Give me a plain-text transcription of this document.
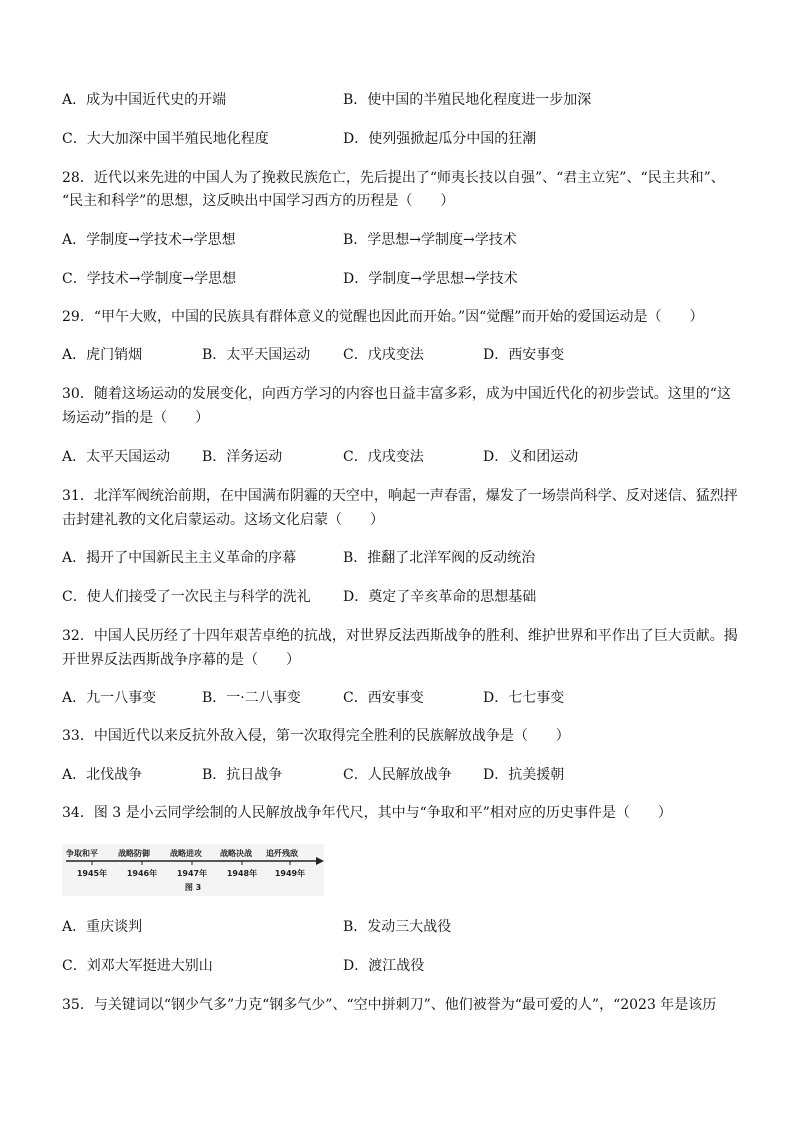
A．成为中国近代史的开端	B．使中国的半殖民地化程度进一步加深
C．大大加深中国半殖民地化程度	D．使列强掀起瓜分中国的狂潮
28．近代以来先进的中国人为了挽救民族危亡，先后提出了“师夷长技以自强”、“君主立宪”、“民主共和”、
“民主和科学”的思想，这反映出中国学习西方的历程是（　　）
A．学制度→学技术→学思想	B．学思想→学制度→学技术
C．学技术→学制度→学思想	D．学制度→学思想→学技术
29．“甲午大败，中国的民族具有群体意义的觉醒也因此而开始。”因“觉醒”而开始的爱国运动是（　　）
A．虎门销烟	B．太平天国运动 C．戊戌变法	D．西安事变
30．随着这场运动的发展变化，向西方学习的内容也日益丰富多彩，成为中国近代化的初步尝试。这里的“这
场运动”指的是（　　）
A．太平天国运动 B．洋务运动	C．戊戌变法	D．义和团运动
31．北洋军阀统治前期，在中国满布阴霾的天空中，响起一声春雷，爆发了一场崇尚科学、反对迷信、猛烈抨
击封建礼教的文化启蒙运动。这场文化启蒙（　　）
A．揭开了中国新民主主义革命的序幕	B．推翻了北洋军阀的反动统治
C．使人们接受了一次民主与科学的洗礼 D．奠定了辛亥革命的思想基础
32．中国人民历经了十四年艰苦卓绝的抗战，对世界反法西斯战争的胜利、维护世界和平作出了巨大贡献。揭
开世界反法西斯战争序幕的是（　　）
A．九一八事变	B．一·二八事变	C．西安事变	D．七七事变
33．中国近代以来反抗外敌入侵，第一次取得完全胜利的民族解放战争是（　　）
A．北伐战争	B．抗日战争	C．人民解放战争 D．抗美援朝
34．图 3 是小云同学绘制的人民解放战争年代尺，其中与“争取和平”相对应的历史事件是（　　）
争取和平	战略防御	战略进攻 战略决战 追歼残敌
1945年 1946年 1947年 1948年 1949年
图 3
A．重庆谈判	B．发动三大战役
C．刘邓大军挺进大别山	D．渡江战役
35．与关键词以“钢少气多”力克“钢多气少”、“空中拼刺刀”、他们被誉为“最可爱的人”，“2023 年是该历
